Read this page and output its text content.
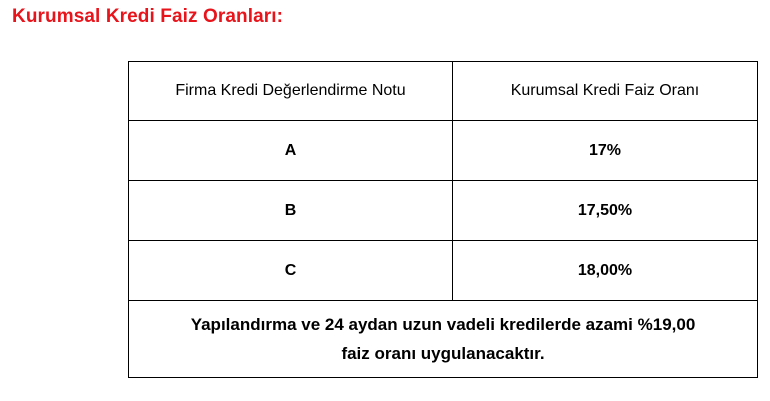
Kurumsal Kredi Faiz Oranları:
Firma Kredi Değerlendirme Notu	Kurumsal Kredi Faiz Oranı
A	17%
B	17,50%
C	18,00%

Yapılandırma ve 24 aydan uzun vadeli kredilerde azami %19,00
faiz oranı uygulanacaktır.	
